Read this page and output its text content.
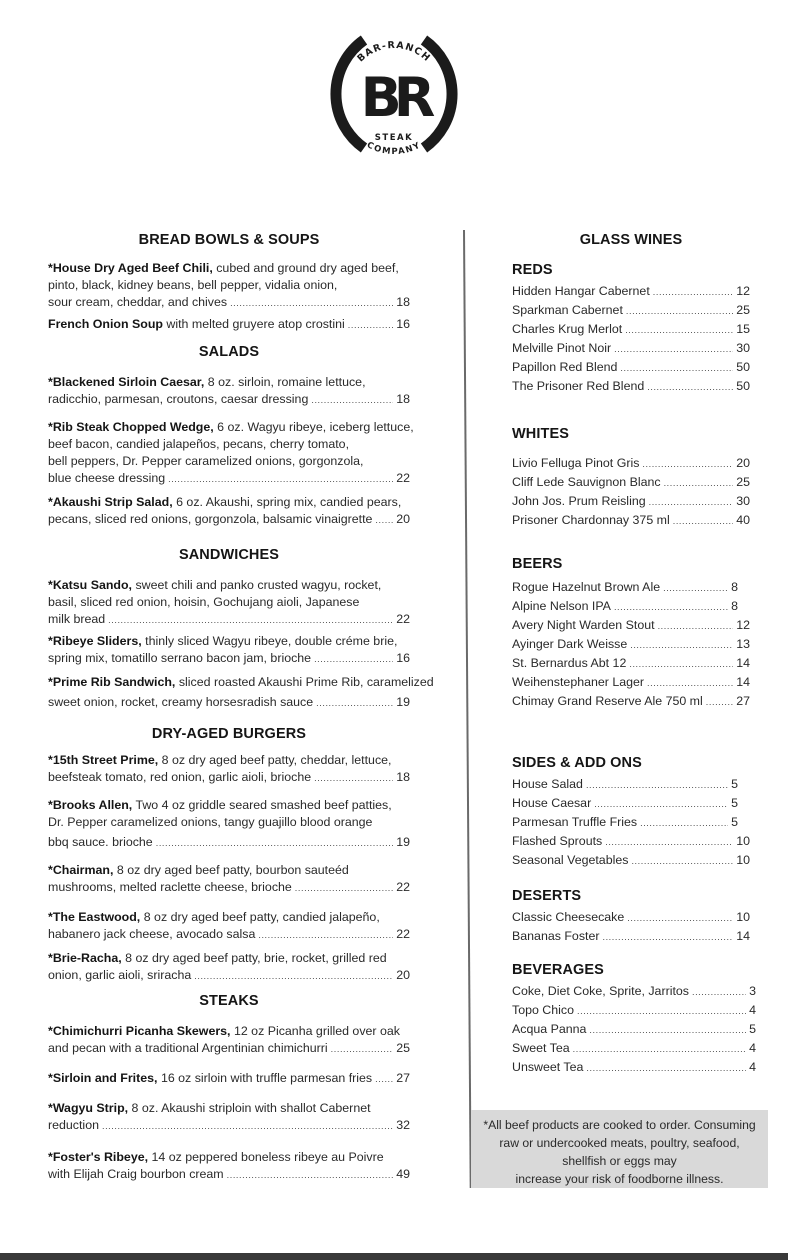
BAR-RANCH
BR
STEAK
COMPANY
BREAD BOWLS & SOUPS
*House Dry Aged Beef Chili, cubed and ground dry aged beef,
pinto, black, kidney beans, bell pepper, vidalia onion,
sour cream, cheddar, and chives .....	18
French Onion Soup with melted gruyere atop crostini .....	16
SALADS
*Blackened Sirloin Caesar, 8 oz. sirloin, romaine lettuce,
radicchio, parmesan, croutons, caesar dressing .....	18
*Rib Steak Chopped Wedge, 6 oz. Wagyu ribeye, iceberg lettuce,
beef bacon, candied jalapeños, pecans, cherry tomato,
bell peppers, Dr. Pepper caramelized onions, gorgonzola,
blue cheese dressing .....	22
*Akaushi Strip Salad, 6 oz. Akaushi, spring mix, candied pears,
pecans, sliced red onions, gorgonzola, balsamic vinaigrette ..... 20
SANDWICHES
*Katsu Sando, sweet chili and panko crusted wagyu, rocket,
basil, sliced red onion, hoisin, Gochujang aioli, Japanese
milk bread .....	22
*Ribeye Sliders, thinly sliced Wagyu ribeye, double créme brie,
spring mix, tomatillo serrano bacon jam, brioche .....	16
*Prime Rib Sandwich, sliced roasted Akaushi Prime Rib, caramelized
sweet onion, rocket, creamy horsesradish sauce .....	19
DRY-AGED BURGERS
*15th Street Prime, 8 oz dry aged beef patty, cheddar, lettuce,
beefsteak tomato, red onion, garlic aioli, brioche .....	18
*Brooks Allen, Two 4 oz griddle seared smashed beef patties,
Dr. Pepper caramelized onions, tangy guajillo blood orange
bbq sauce. brioche .....	19
*Chairman, 8 oz dry aged beef patty, bourbon sauteéd
mushrooms, melted raclette cheese, brioche .....	22
*The Eastwood, 8 oz dry aged beef patty, candied jalapeño,
habanero jack cheese, avocado salsa .....	22
*Brie-Racha, 8 oz dry aged beef patty, brie, rocket, grilled red
onion, garlic aioli, sriracha .....	20
STEAKS
*Chimichurri Picanha Skewers, 12 oz Picanha grilled over oak
and pecan with a traditional Argentinian chimichurri .....	25
*Sirloin and Frites, 16 oz sirloin with truffle parmesan fries ..... 27
*Wagyu Strip, 8 oz. Akaushi striploin with shallot Cabernet
reduction .....	32
*Foster's Ribeye, 14 oz peppered boneless ribeye au Poivre
with Elijah Craig bourbon cream .....	49
GLASS WINES
REDS
Hidden Hangar Cabernet .....	12
Sparkman Cabernet .....	25
Charles Krug Merlot .....	15
Melville Pinot Noir .....	30
Papillon Red Blend .....	50
The Prisoner Red Blend .....	50
WHITES
Livio Felluga Pinot Gris .....	20
Cliff Lede Sauvignon Blanc .....	25
John Jos. Prum Reisling .....	30
Prisoner Chardonnay 375 ml .....	40
BEERS
Rogue Hazelnut Brown Ale .....	8
Alpine Nelson IPA .....	8
Avery Night Warden Stout .....	12
Ayinger Dark Weisse .....	13
St. Bernardus Abt 12 .....	14
Weihenstephaner Lager .....	14
Chimay Grand Reserve Ale 750 ml .....	27
SIDES & ADD ONS
House Salad .....	5
House Caesar .....	5
Parmesan Truffle Fries .....	5
Flashed Sprouts .....	10
Seasonal Vegetables .....	10
DESERTS
Classic Cheesecake .....	10
Bananas Foster .....	14
BEVERAGES
Coke, Diet Coke, Sprite, Jarritos .....	3
Topo Chico .....	4
Acqua Panna .....	5
Sweet Tea .....	4
Unsweet Tea .....	4
*All beef products are cooked to order. Consuming
raw or undercooked meats, poultry, seafood,
shellfish or eggs may
increase your risk of foodborne illness.
